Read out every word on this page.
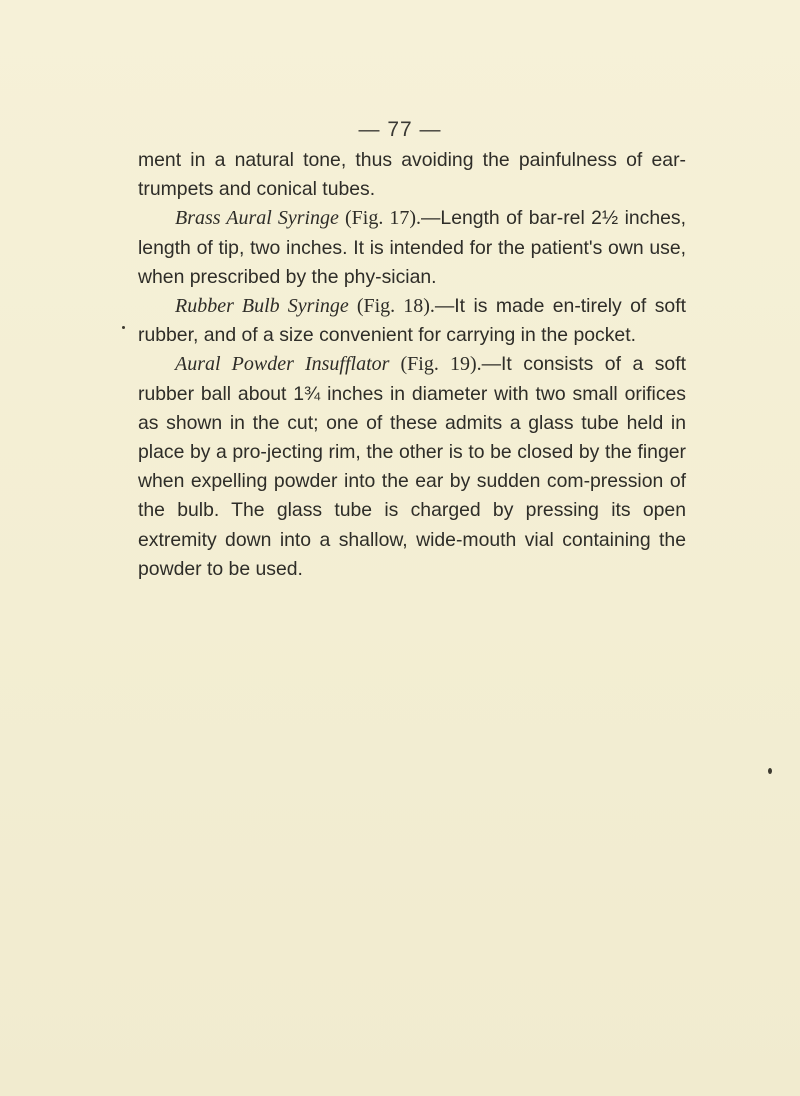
— 77 —

ment in a natural tone, thus avoiding the painfulness of ear-trumpets and conical tubes.

Brass Aural Syringe (Fig. 17).—Length of bar-rel 2½ inches, length of tip, two inches. It is intended for the patient's own use, when prescribed by the phy-sician.

Rubber Bulb Syringe (Fig. 18).—It is made en-tirely of soft rubber, and of a size convenient for carrying in the pocket.

Aural Powder Insufflator (Fig. 19).—It consists of a soft rubber ball about 1¾ inches in diameter with two small orifices as shown in the cut; one of these admits a glass tube held in place by a pro-jecting rim, the other is to be closed by the finger when expelling powder into the ear by sudden com-pression of the bulb. The glass tube is charged by pressing its open extremity down into a shallow, wide-mouth vial containing the powder to be used.
